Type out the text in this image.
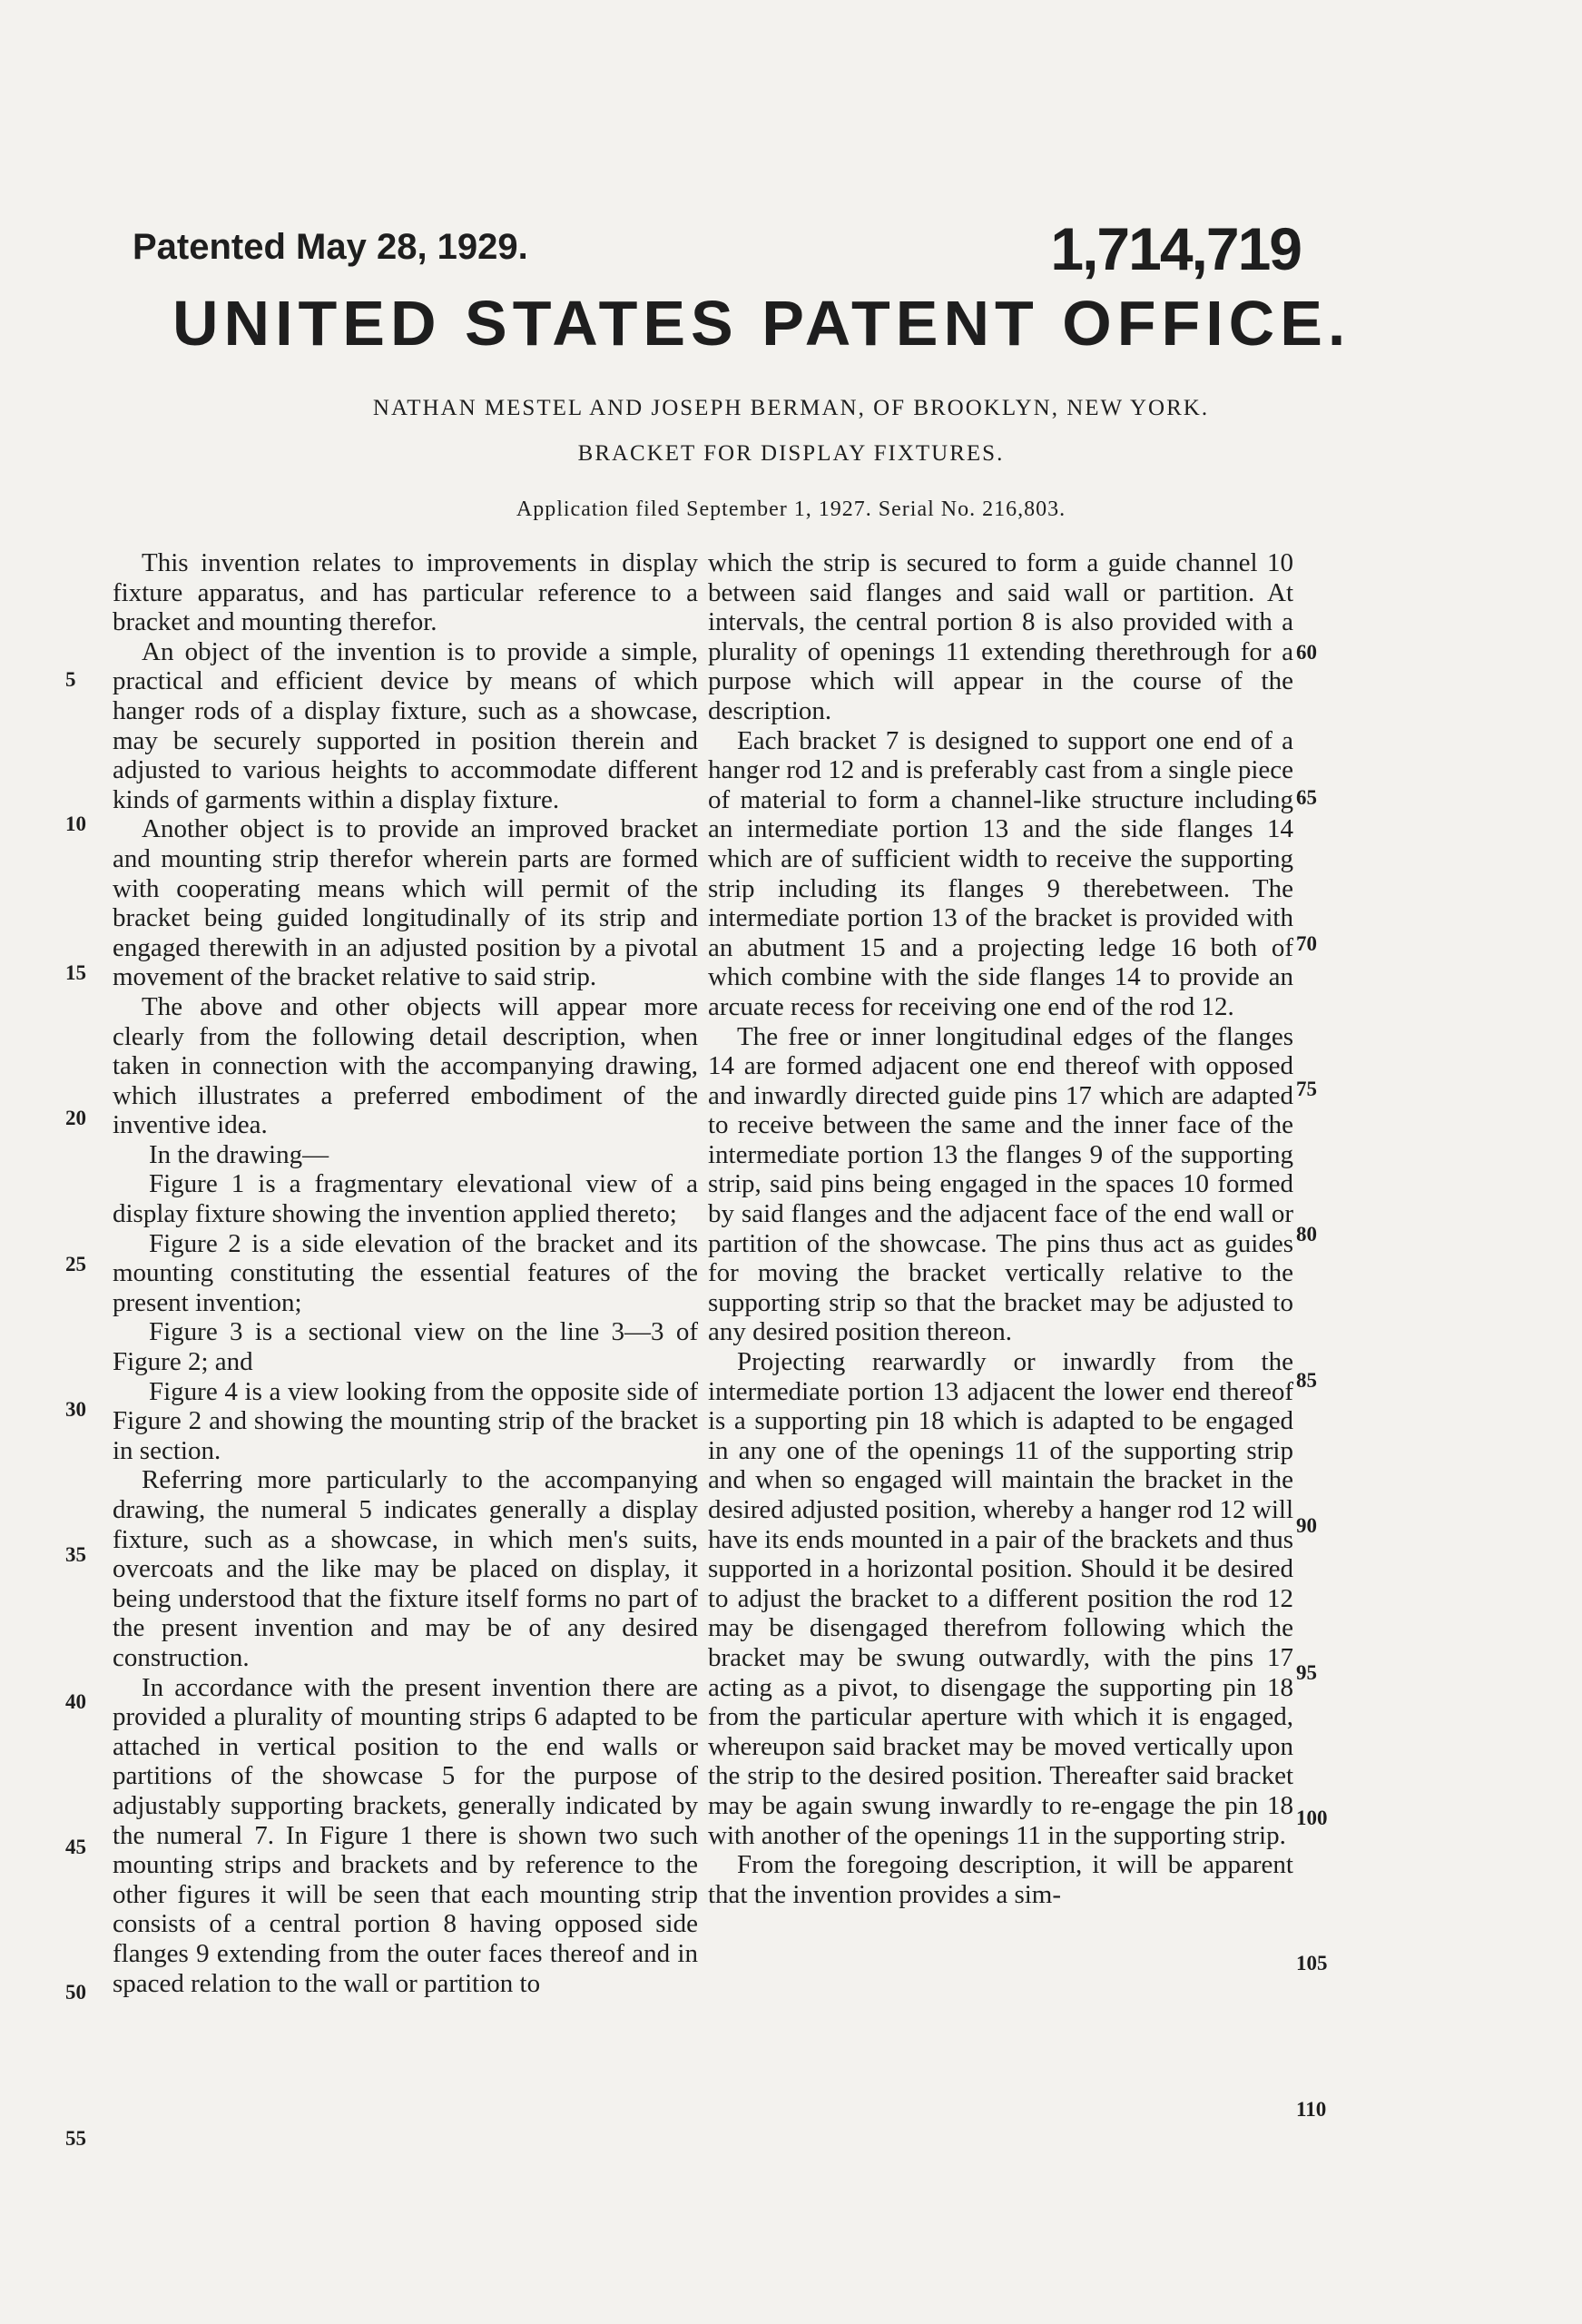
Patented May 28, 1929.	1,714,719
UNITED STATES PATENT OFFICE.
NATHAN MESTEL AND JOSEPH BERMAN, OF BROOKLYN, NEW YORK.
BRACKET FOR DISPLAY FIXTURES.
Application filed September 1, 1927. Serial No. 216,803.

This invention relates to improvements in display fixture apparatus, and has particular reference to a bracket and mounting therefor.

An object of the invention is to provide a simple, practical and efficient device by means of which hanger rods of a display fixture, such as a showcase, may be securely supported in position therein and adjusted to various heights to accommodate different kinds of garments within a display fixture.

Another object is to provide an improved bracket and mounting strip therefor wherein parts are formed with cooperating means which will permit of the bracket being guided longitudinally of its strip and engaged therewith in an adjusted position by a pivotal movement of the bracket relative to said strip.

The above and other objects will appear more clearly from the following detail description, when taken in connection with the accompanying drawing, which illustrates a preferred embodiment of the inventive idea.

In the drawing—

Figure 1 is a fragmentary elevational view of a display fixture showing the invention applied thereto;

Figure 2 is a side elevation of the bracket and its mounting constituting the essential features of the present invention;

Figure 3 is a sectional view on the line 3—3 of Figure 2; and

Figure 4 is a view looking from the opposite side of Figure 2 and showing the mounting strip of the bracket in section.

Referring more particularly to the accompanying drawing, the numeral 5 indicates generally a display fixture, such as a showcase, in which men's suits, overcoats and the like may be placed on display, it being understood that the fixture itself forms no part of the present invention and may be of any desired construction.

In accordance with the present invention there are provided a plurality of mounting strips 6 adapted to be attached in vertical position to the end walls or partitions of the showcase 5 for the purpose of adjustably supporting brackets, generally indicated by the numeral 7. In Figure 1 there is shown two such mounting strips and brackets and by reference to the other figures it will be seen that each mounting strip consists of a central portion 8 having opposed side flanges 9 extending from the outer faces thereof and in spaced relation to the wall or partition to

which the strip is secured to form a guide channel 10 between said flanges and said wall or partition. At intervals, the central portion 8 is also provided with a plurality of openings 11 extending therethrough for a purpose which will appear in the course of the description.

Each bracket 7 is designed to support one end of a hanger rod 12 and is preferably cast from a single piece of material to form a channel-like structure including an intermediate portion 13 and the side flanges 14 which are of sufficient width to receive the supporting strip including its flanges 9 therebetween. The intermediate portion 13 of the bracket is provided with an abutment 15 and a projecting ledge 16 both of which combine with the side flanges 14 to provide an arcuate recess for receiving one end of the rod 12.

The free or inner longitudinal edges of the flanges 14 are formed adjacent one end thereof with opposed and inwardly directed guide pins 17 which are adapted to receive between the same and the inner face of the intermediate portion 13 the flanges 9 of the supporting strip, said pins being engaged in the spaces 10 formed by said flanges and the adjacent face of the end wall or partition of the showcase. The pins thus act as guides for moving the bracket vertically relative to the supporting strip so that the bracket may be adjusted to any desired position thereon.

Projecting rearwardly or inwardly from the intermediate portion 13 adjacent the lower end thereof is a supporting pin 18 which is adapted to be engaged in any one of the openings 11 of the supporting strip and when so engaged will maintain the bracket in the desired adjusted position, whereby a hanger rod 12 will have its ends mounted in a pair of the brackets and thus supported in a horizontal position. Should it be desired to adjust the bracket to a different position the rod 12 may be disengaged therefrom following which the bracket may be swung outwardly, with the pins 17 acting as a pivot, to disengage the supporting pin 18 from the particular aperture with which it is engaged, whereupon said bracket may be moved vertically upon the strip to the desired position. Thereafter said bracket may be again swung inwardly to re-engage the pin 18 with another of the openings 11 in the supporting strip.

From the foregoing description, it will be apparent that the invention provides a sim-

5
10
15
20
25
30
35
40
45
50
55
60
65
70
75
80
85
90
95
100
105
110
